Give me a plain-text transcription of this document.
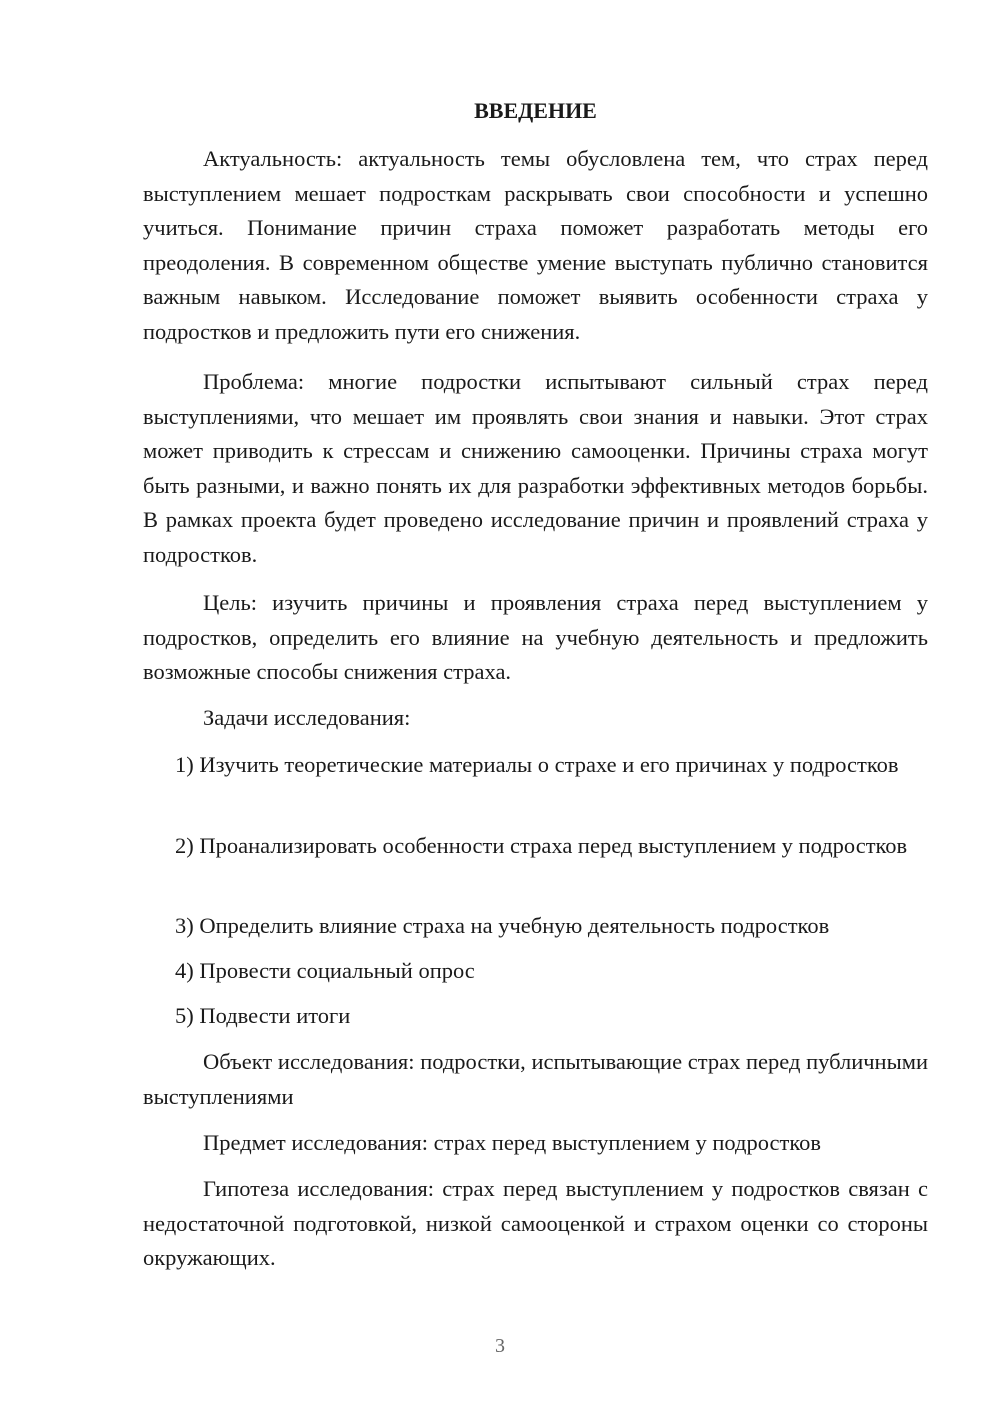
ВВЕДЕНИЕ

Актуальность: актуальность темы обусловлена тем, что страх перед выступлением мешает подросткам раскрывать свои способности и успешно учиться. Понимание причин страха поможет разработать методы его преодоления. В современном обществе умение выступать публично становится важным навыком. Исследование поможет выявить особенности страха у подростков и предложить пути его снижения.

Проблема: многие подростки испытывают сильный страх перед выступлениями, что мешает им проявлять свои знания и навыки. Этот страх может приводить к стрессам и снижению самооценки. Причины страха могут быть разными, и важно понять их для разработки эффективных методов борьбы. В рамках проекта будет проведено исследование причин и проявлений страха у подростков.

Цель: изучить причины и проявления страха перед выступлением у подростков, определить его влияние на учебную деятельность и предложить возможные способы снижения страха.

Задачи исследования:

1) Изучить теоретические материалы о страхе и его причинах у подростков

2) Проанализировать особенности страха перед выступлением у подростков

3) Определить влияние страха на учебную деятельность подростков

4) Провести социальный опрос

5) Подвести итоги

Объект исследования: подростки, испытывающие страх перед публичными выступлениями

Предмет исследования: страх перед выступлением у подростков

Гипотеза исследования: страх перед выступлением у подростков связан с недостаточной подготовкой, низкой самооценкой и страхом оценки со стороны окружающих.

3
